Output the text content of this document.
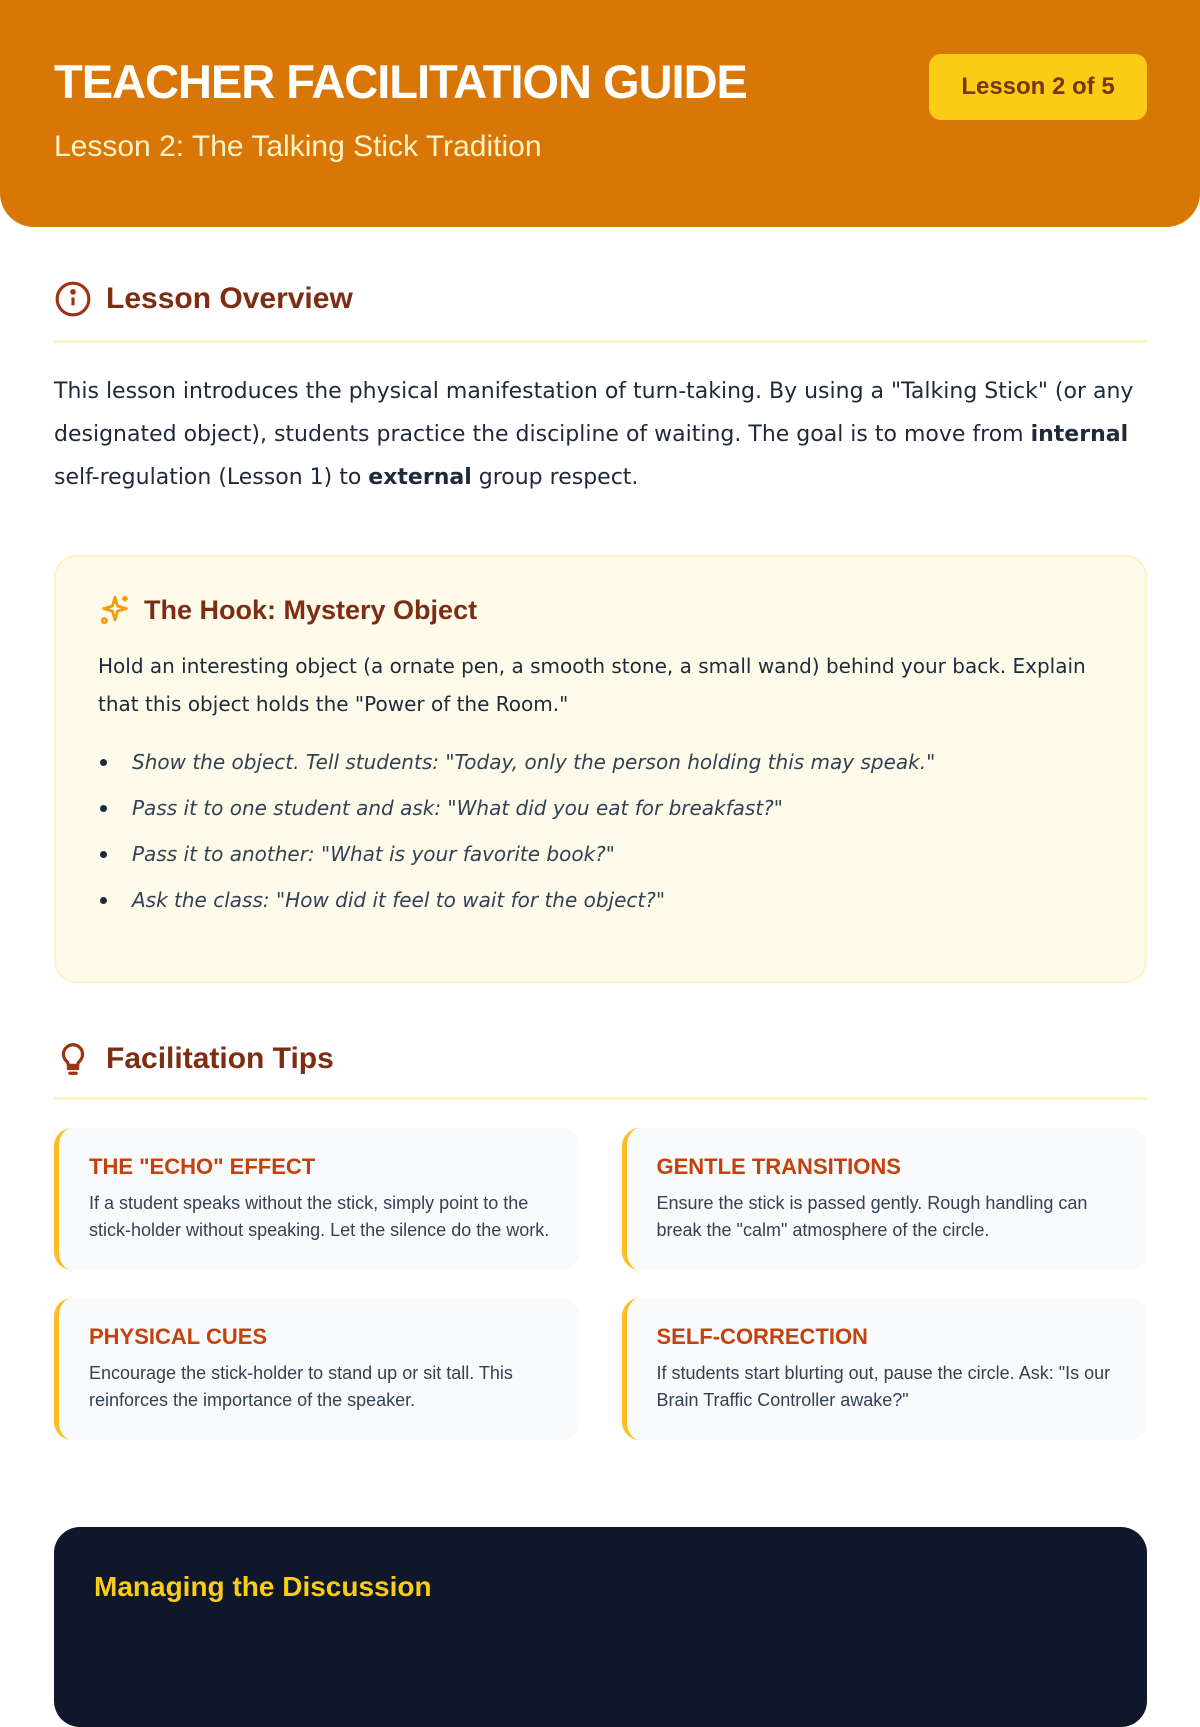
TEACHER FACILITATION GUIDE
Lesson 2: The Talking Stick Tradition
Lesson 2 of 5
Lesson Overview
This lesson introduces the physical manifestation of turn-taking. By using a "Talking Stick" (or any designated object), students practice the discipline of waiting. The goal is to move from internal self-regulation (Lesson 1) to external group respect.
The Hook: Mystery Object

Hold an interesting object (a ornate pen, a smooth stone, a small wand) behind your back. Explain that this object holds the "Power of the Room."

Show the object. Tell students: "Today, only the person holding this may speak."
Pass it to one student and ask: "What did you eat for breakfast?"
Pass it to another: "What is your favorite book?"
Ask the class: "How did it feel to wait for the object?"
Facilitation Tips
THE "ECHO" EFFECT
If a student speaks without the stick, simply point to the stick-holder without speaking. Let the silence do the work.
PHYSICAL CUES
Encourage the stick-holder to stand up or sit tall. This reinforces the importance of the speaker.
GENTLE TRANSITIONS
Ensure the stick is passed gently. Rough handling can break the "calm" atmosphere of the circle.
SELF-CORRECTION
If students start blurting out, pause the circle. Ask: "Is our Brain Traffic Controller awake?"
Managing the Discussion
